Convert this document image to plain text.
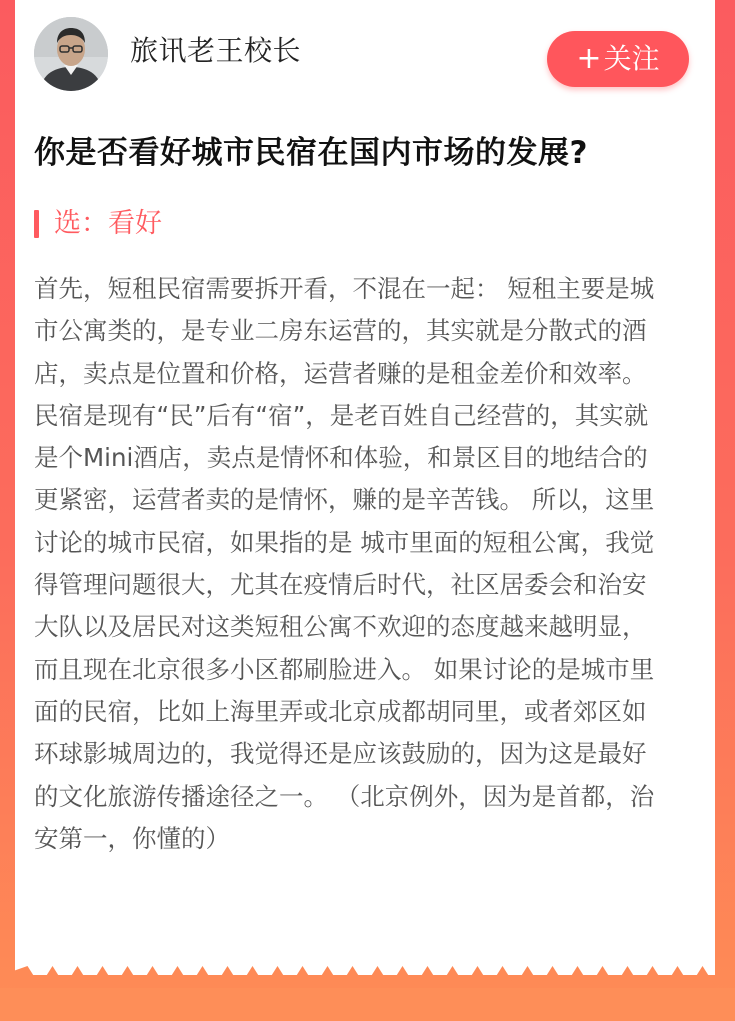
旅讯老王校长	+ 关注
你是否看好城市民宿在国内市场的发展?
选：看好
首先，短租民宿需要拆开看，不混在一起： 短租主要是城
市公寓类的，是专业二房东运营的，其实就是分散式的酒
店，卖点是位置和价格，运营者赚的是租金差价和效率。
民宿是现有“民”后有“宿”，是老百姓自己经营的，其实就
是个Mini酒店，卖点是情怀和体验，和景区目的地结合的
更紧密，运营者卖的是情怀，赚的是辛苦钱。 所以，这里
讨论的城市民宿，如果指的是 城市里面的短租公寓，我觉
得管理问题很大，尤其在疫情后时代，社区居委会和治安
大队以及居民对这类短租公寓不欢迎的态度越来越明显，
而且现在北京很多小区都刷脸进入。 如果讨论的是城市里
面的民宿，比如上海里弄或北京成都胡同里，或者郊区如
环球影城周边的，我觉得还是应该鼓励的，因为这是最好
的文化旅游传播途径之一。 （北京例外，因为是首都，治
安第一，你懂的）
